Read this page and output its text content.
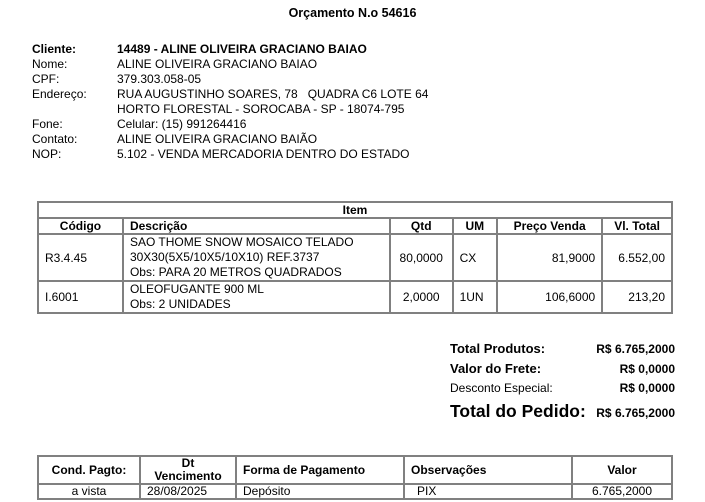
Orçamento N.o 54616
Cliente:	14489 - ALINE OLIVEIRA GRACIANO BAIAO
Nome:	ALINE OLIVEIRA GRACIANO BAIAO
CPF:	379.303.058-05
Endereço:	RUA AUGUSTINHO SOARES, 78   QUADRA C6 LOTE 64
HORTO FLORESTAL - SOROCABA - SP - 18074-795
Fone:	Celular: (15) 991264416
Contato:	ALINE OLIVEIRA GRACIANO BAIÃO
NOP:	5.102 - VENDA MERCADORIA DENTRO DO ESTADO
Item					
Código	Descrição	Qtd	UM	Preço Venda	Vl. Total
R3.4.45	SAO THOME SNOW MOSAICO TELADO
30X30(5X5/10X5/10X10) REF.3737
Obs: PARA 20 METROS QUADRADOS	80,0000	CX	81,9000	6.552,00
I.6001	OLEOFUGANTE 900 ML
Obs: 2 UNIDADES	2,0000	1UN	106,6000	213,20
Total Produtos:	R$ 6.765,2000
Valor do Frete:	R$ 0,0000
Desconto Especial:	R$ 0,0000
Total do Pedido: R$ 6.765,2000
Cond. Pagto:	Dt Vencimento	Forma de Pagamento	Observações	Valor
a vista	28/08/2025	Depósito	PIX	6.765,2000
